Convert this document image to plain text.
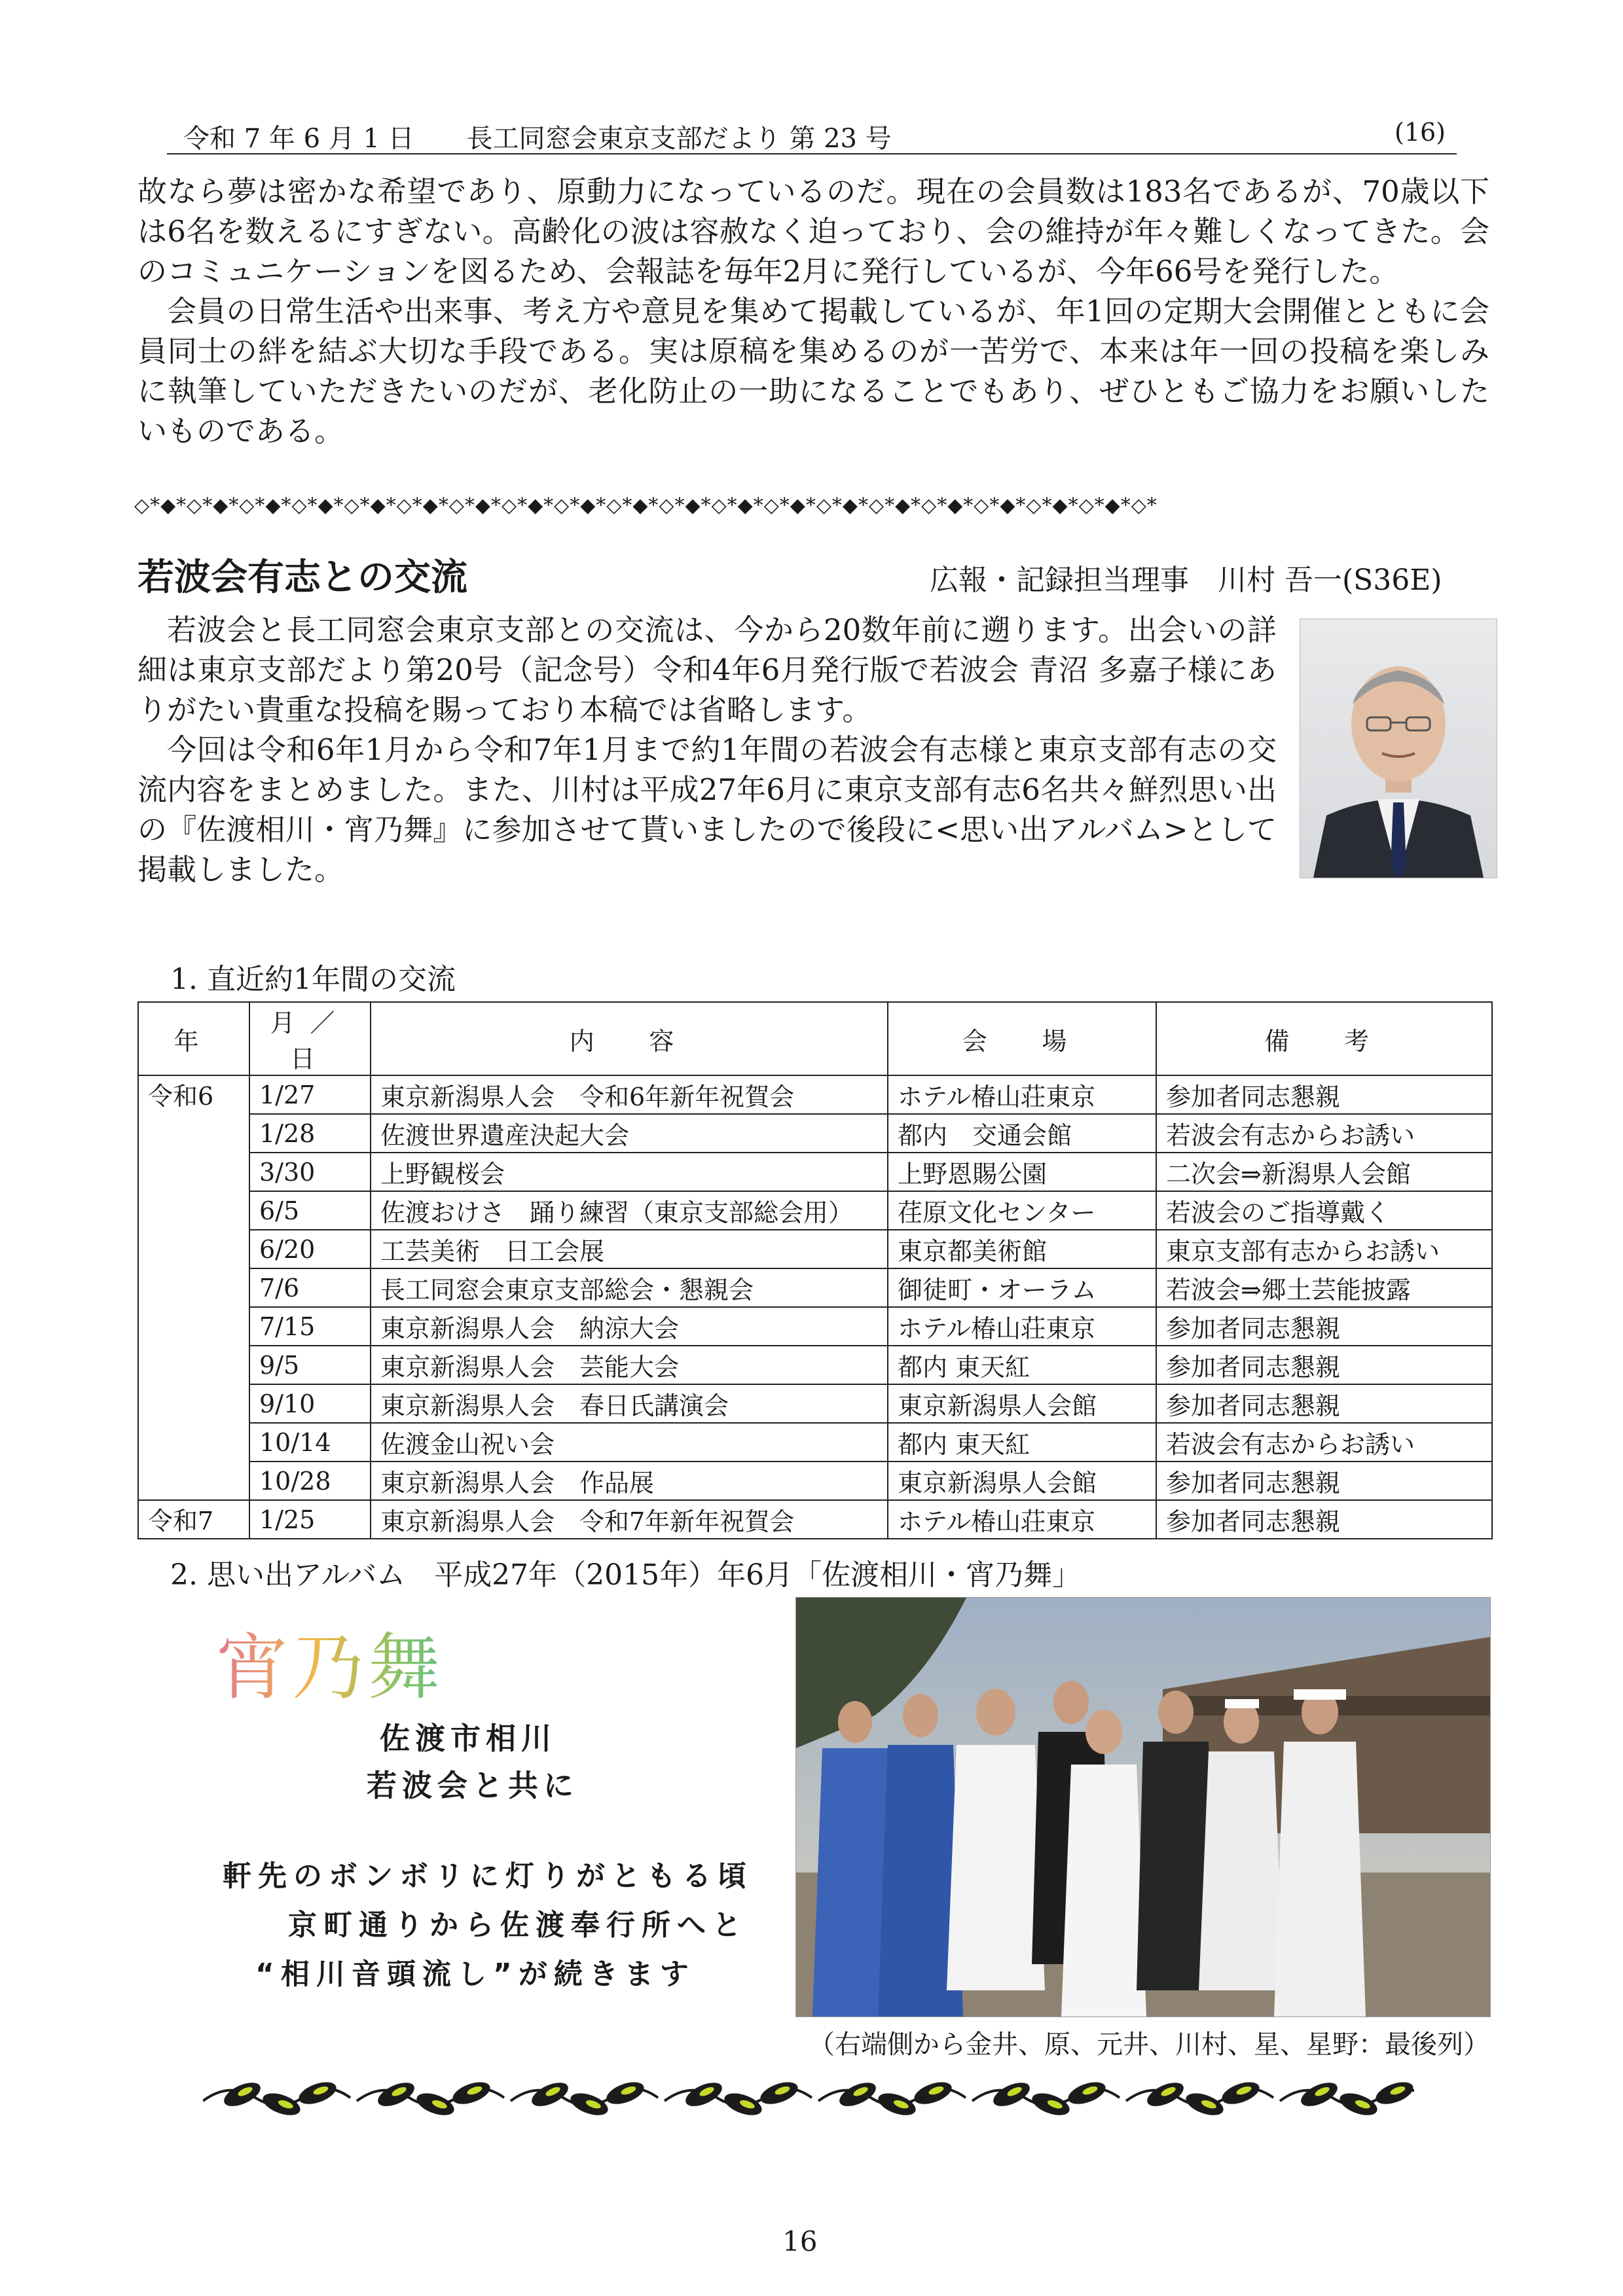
令和 7 年 6 月 1 日　　 長工同窓会東京支部だより 第 23 号	(16)

故なら夢は密かな希望であり、原動力になっているのだ。現在の会員数は183名であるが、70歳以下は6名を数えるにすぎない。高齢化の波は容赦なく迫っており、会の維持が年々難しくなってきた。会のコミュニケーションを図るため、会報誌を毎年2月に発行しているが、今年66号を発行した。

会員の日常生活や出来事、考え方や意見を集めて掲載しているが、年1回の定期大会開催とともに会員同士の絆を結ぶ大切な手段である。実は原稿を集めるのが一苦労で、本来は年一回の投稿を楽しみに執筆していただきたいのだが、老化防止の一助になることでもあり、ぜひともご協力をお願いしたいものである。

◇*◆*◇*◆*◇*◆*◇*◆*◇*◆*◇*◆*◇*◆*◇*◆*◇*◆*◇*◆*◇*◆*◇*◆*◇*◆*◇*◆*◇*◆*◇*◆*◇*◆*◇*◆*◇*◆*◇*
若波会有志との交流	広報・記録担当理事　川村 吾一(S36E)

若波会と長工同窓会東京支部との交流は、今から20数年前に遡ります。出会いの詳細は東京支部だより第20号（記念号）令和4年6月発行版で若波会 青沼 多嘉子様にありがたい貴重な投稿を賜っており本稿では省略します。

今回は令和6年1月から令和7年1月まで約1年間の若波会有志様と東京支部有志の交流内容をまとめました。また、川村は平成27年6月に東京支部有志6名共々鮮烈思い出の『佐渡相川・宵乃舞』に参加させて貰いましたので後段に<思い出アルバム>として掲載しました。

1. 直近約1年間の交流
年	月／日	内　容	会　場	備　考
令和6	1/27	東京新潟県人会　令和6年新年祝賀会	ホテル椿山荘東京	参加者同志懇親
	1/28	佐渡世界遺産決起大会	都内　交通会館	若波会有志からお誘い
	3/30	上野観桜会	上野恩賜公園	二次会⇒新潟県人会館
	6/5	佐渡おけさ　踊り練習（東京支部総会用）	荏原文化センター	若波会のご指導戴く
	6/20	工芸美術　日工会展	東京都美術館	東京支部有志からお誘い
	7/6	長工同窓会東京支部総会・懇親会	御徒町・オーラム	若波会⇒郷土芸能披露
	7/15	東京新潟県人会　納涼大会	ホテル椿山荘東京	参加者同志懇親
	9/5	東京新潟県人会　芸能大会	都内 東天紅	参加者同志懇親
	9/10	東京新潟県人会　春日氏講演会	東京新潟県人会館	参加者同志懇親
	10/14	佐渡金山祝い会	都内 東天紅	若波会有志からお誘い
	10/28	東京新潟県人会　作品展	東京新潟県人会館	参加者同志懇親
令和7	1/25	東京新潟県人会　令和7年新年祝賀会	ホテル椿山荘東京	参加者同志懇親
2. 思い出アルバム　平成27年（2015年）年6月「佐渡相川・宵乃舞」
宵乃舞
佐渡市相川
若波会と共に
軒先のボンボリに灯りがともる頃
京町通りから佐渡奉行所へと
“相川音頭流し”が続きます
（右端側から金井、原、元井、川村、星、星野：最後列）
16
